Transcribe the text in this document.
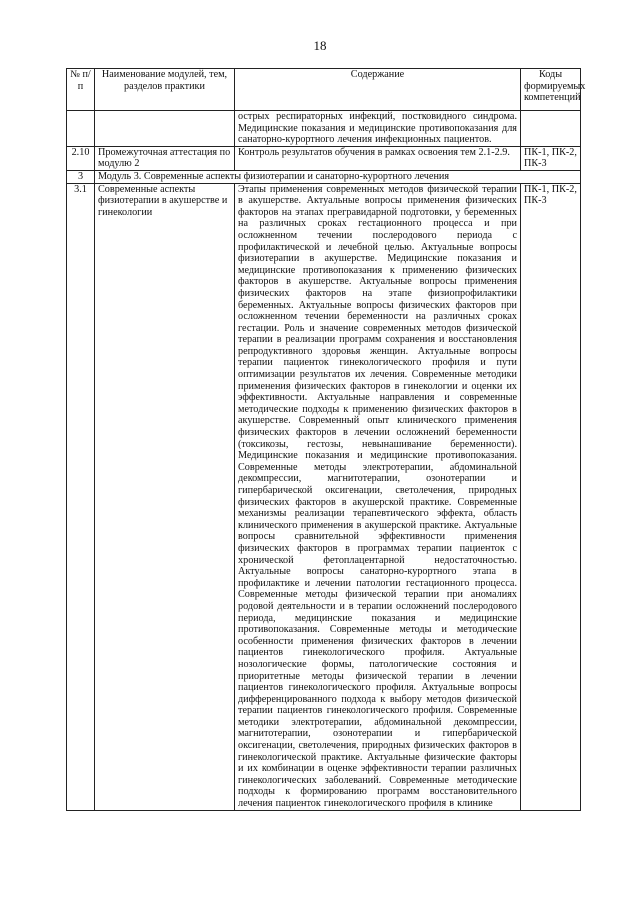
18
№ п/п	Наименование модулей, тем, разделов практики	Содержание	Коды формируемых компетенций

		острых респираторных инфекций, постковидного синдрома. Медицинские показания и медицинские противопоказания для санаторно-курортного лечения инфекционных пациентов.	

2.10	Промежуточная аттестация по модулю 2	Контроль результатов обучения в рамках освоения тем 2.1-2.9.	ПК-1, ПК-2, ПК-3
3	Модуль 3. Современные аспекты физиотерапии и санаторно-курортного лечения		
3.1	Современные аспекты физиотерапии в акушерстве и гинекологии	Этапы применения современных методов физической терапии в акушерстве. Актуальные вопросы применения физических факторов на этапах прегравидарной подготовки, у беременных на различных сроках гестационного процесса и при осложненном течении послеродового периода с профилактической и лечебной целью. Актуальные вопросы физиотерапии в акушерстве. Медицинские показания и медицинские противопоказания к применению физических факторов в акушерстве. Актуальные вопросы применения физических факторов на этапе физиопрофилактики беременных. Актуальные вопросы физических факторов при осложненном течении беременности на различных сроках гестации. Роль и значение современных методов физической терапии в реализации программ сохранения и восстановления репродуктивного здоровья женщин. Актуальные вопросы терапии пациенток гинекологического профиля и пути оптимизации результатов их лечения. Современные методики применения физических факторов в гинекологии и оценки их эффективности. Актуальные направления и современные методические подходы к применению физических факторов в акушерстве. Современный опыт клинического применения физических факторов в лечении осложнений беременности (токсикозы, гестозы, невынашивание беременности). Медицинские показания и медицинские противопоказания. Современные методы электротерапии, абдоминальной декомпрессии, магнитотерапии, озонотерапии и гипербарической оксигенации, светолечения, природных физических факторов в акушерской практике. Современные механизмы реализации терапевтического эффекта, область клинического применения в акушерской практике. Актуальные вопросы сравнительной эффективности применения физических факторов в программах терапии пациенток с хронической фетоплацентарной недостаточностью. Актуальные вопросы санаторно-курортного этапа в профилактике и лечении патологии гестационного процесса. Современные методы физической терапии при аномалиях родовой деятельности и в терапии осложнений послеродового периода, медицинские показания и медицинские противопоказания. Современные методы и методические особенности применения физических факторов в лечении пациентов гинекологического профиля. Актуальные нозологические формы, патологические состояния и приоритетные методы физической терапии в лечении пациентов гинекологического профиля. Актуальные вопросы дифференцированного подхода к выбору методов физической терапии пациентов гинекологического профиля. Современные методики электротерапии, абдоминальной декомпрессии, магнитотерапии, озонотерапии и гипербарической оксигенации, светолечения, природных физических факторов в гинекологической практике. Актуальные физические факторы и их комбинации в оценке эффективности терапии различных гинекологических заболеваний. Современные методические подходы к формированию программ восстановительного лечения пациенток гинекологического профиля в клинике	ПК-1, ПК-2, ПК-3
